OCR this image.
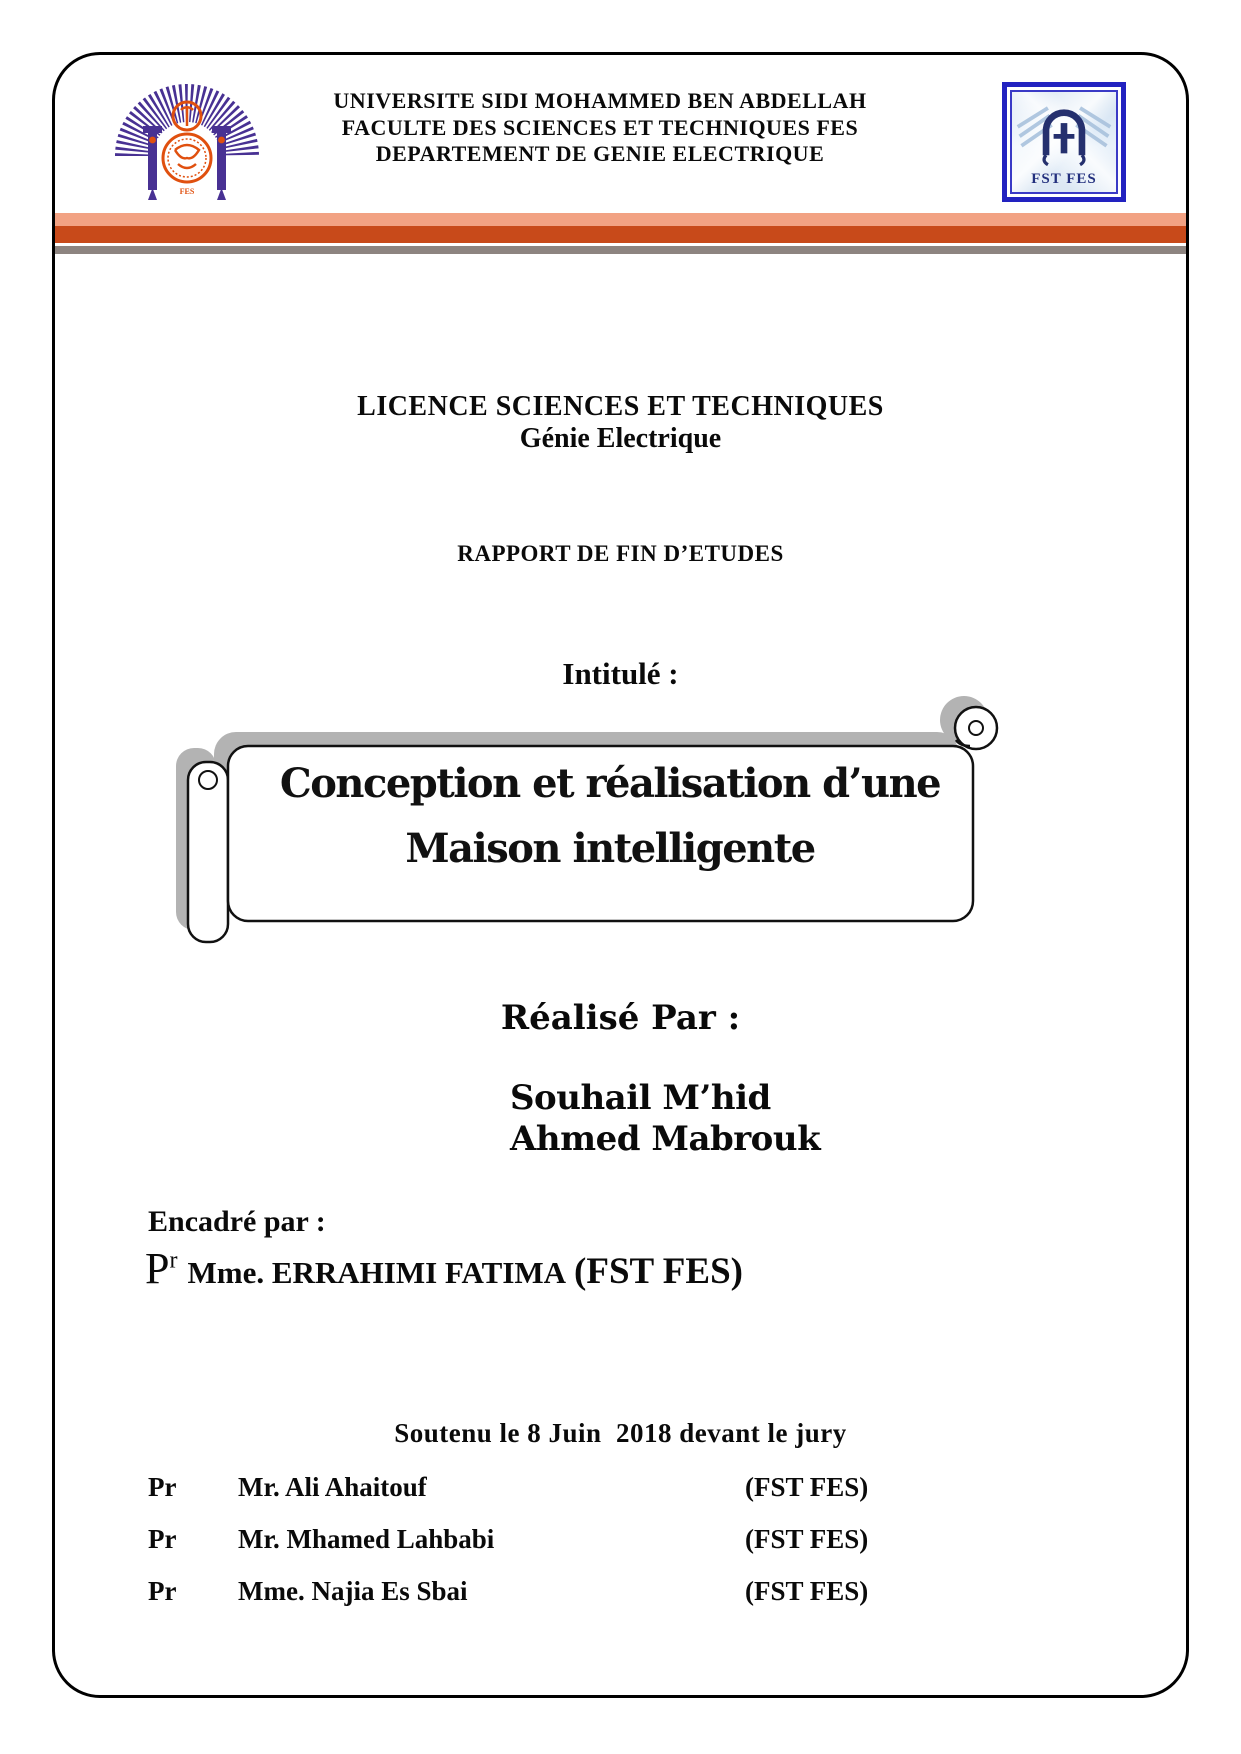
FES
UNIVERSITE SIDI MOHAMMED BEN ABDELLAH
FACULTE DES SCIENCES ET TECHNIQUES FES
DEPARTEMENT DE GENIE ELECTRIQUE
FST FES
LICENCE SCIENCES ET TECHNIQUES
Génie Electrique
RAPPORT DE FIN D’ETUDES
Intitulé :
Conception et réalisation d’une
Maison intelligente
Réalisé Par :
Souhail M’hid
Ahmed Mabrouk
Encadré par :
$P^r$ Mme. ERRAHIMI FATIMA (FST FES)
Soutenu le 8 Juin  2018 devant le jury
Pr Mr. Ali Ahaitouf	(FST FES)
Pr Mr. Mhamed Lahbabi	(FST FES)
Pr Mme. Najia Es Sbai	(FST FES)
